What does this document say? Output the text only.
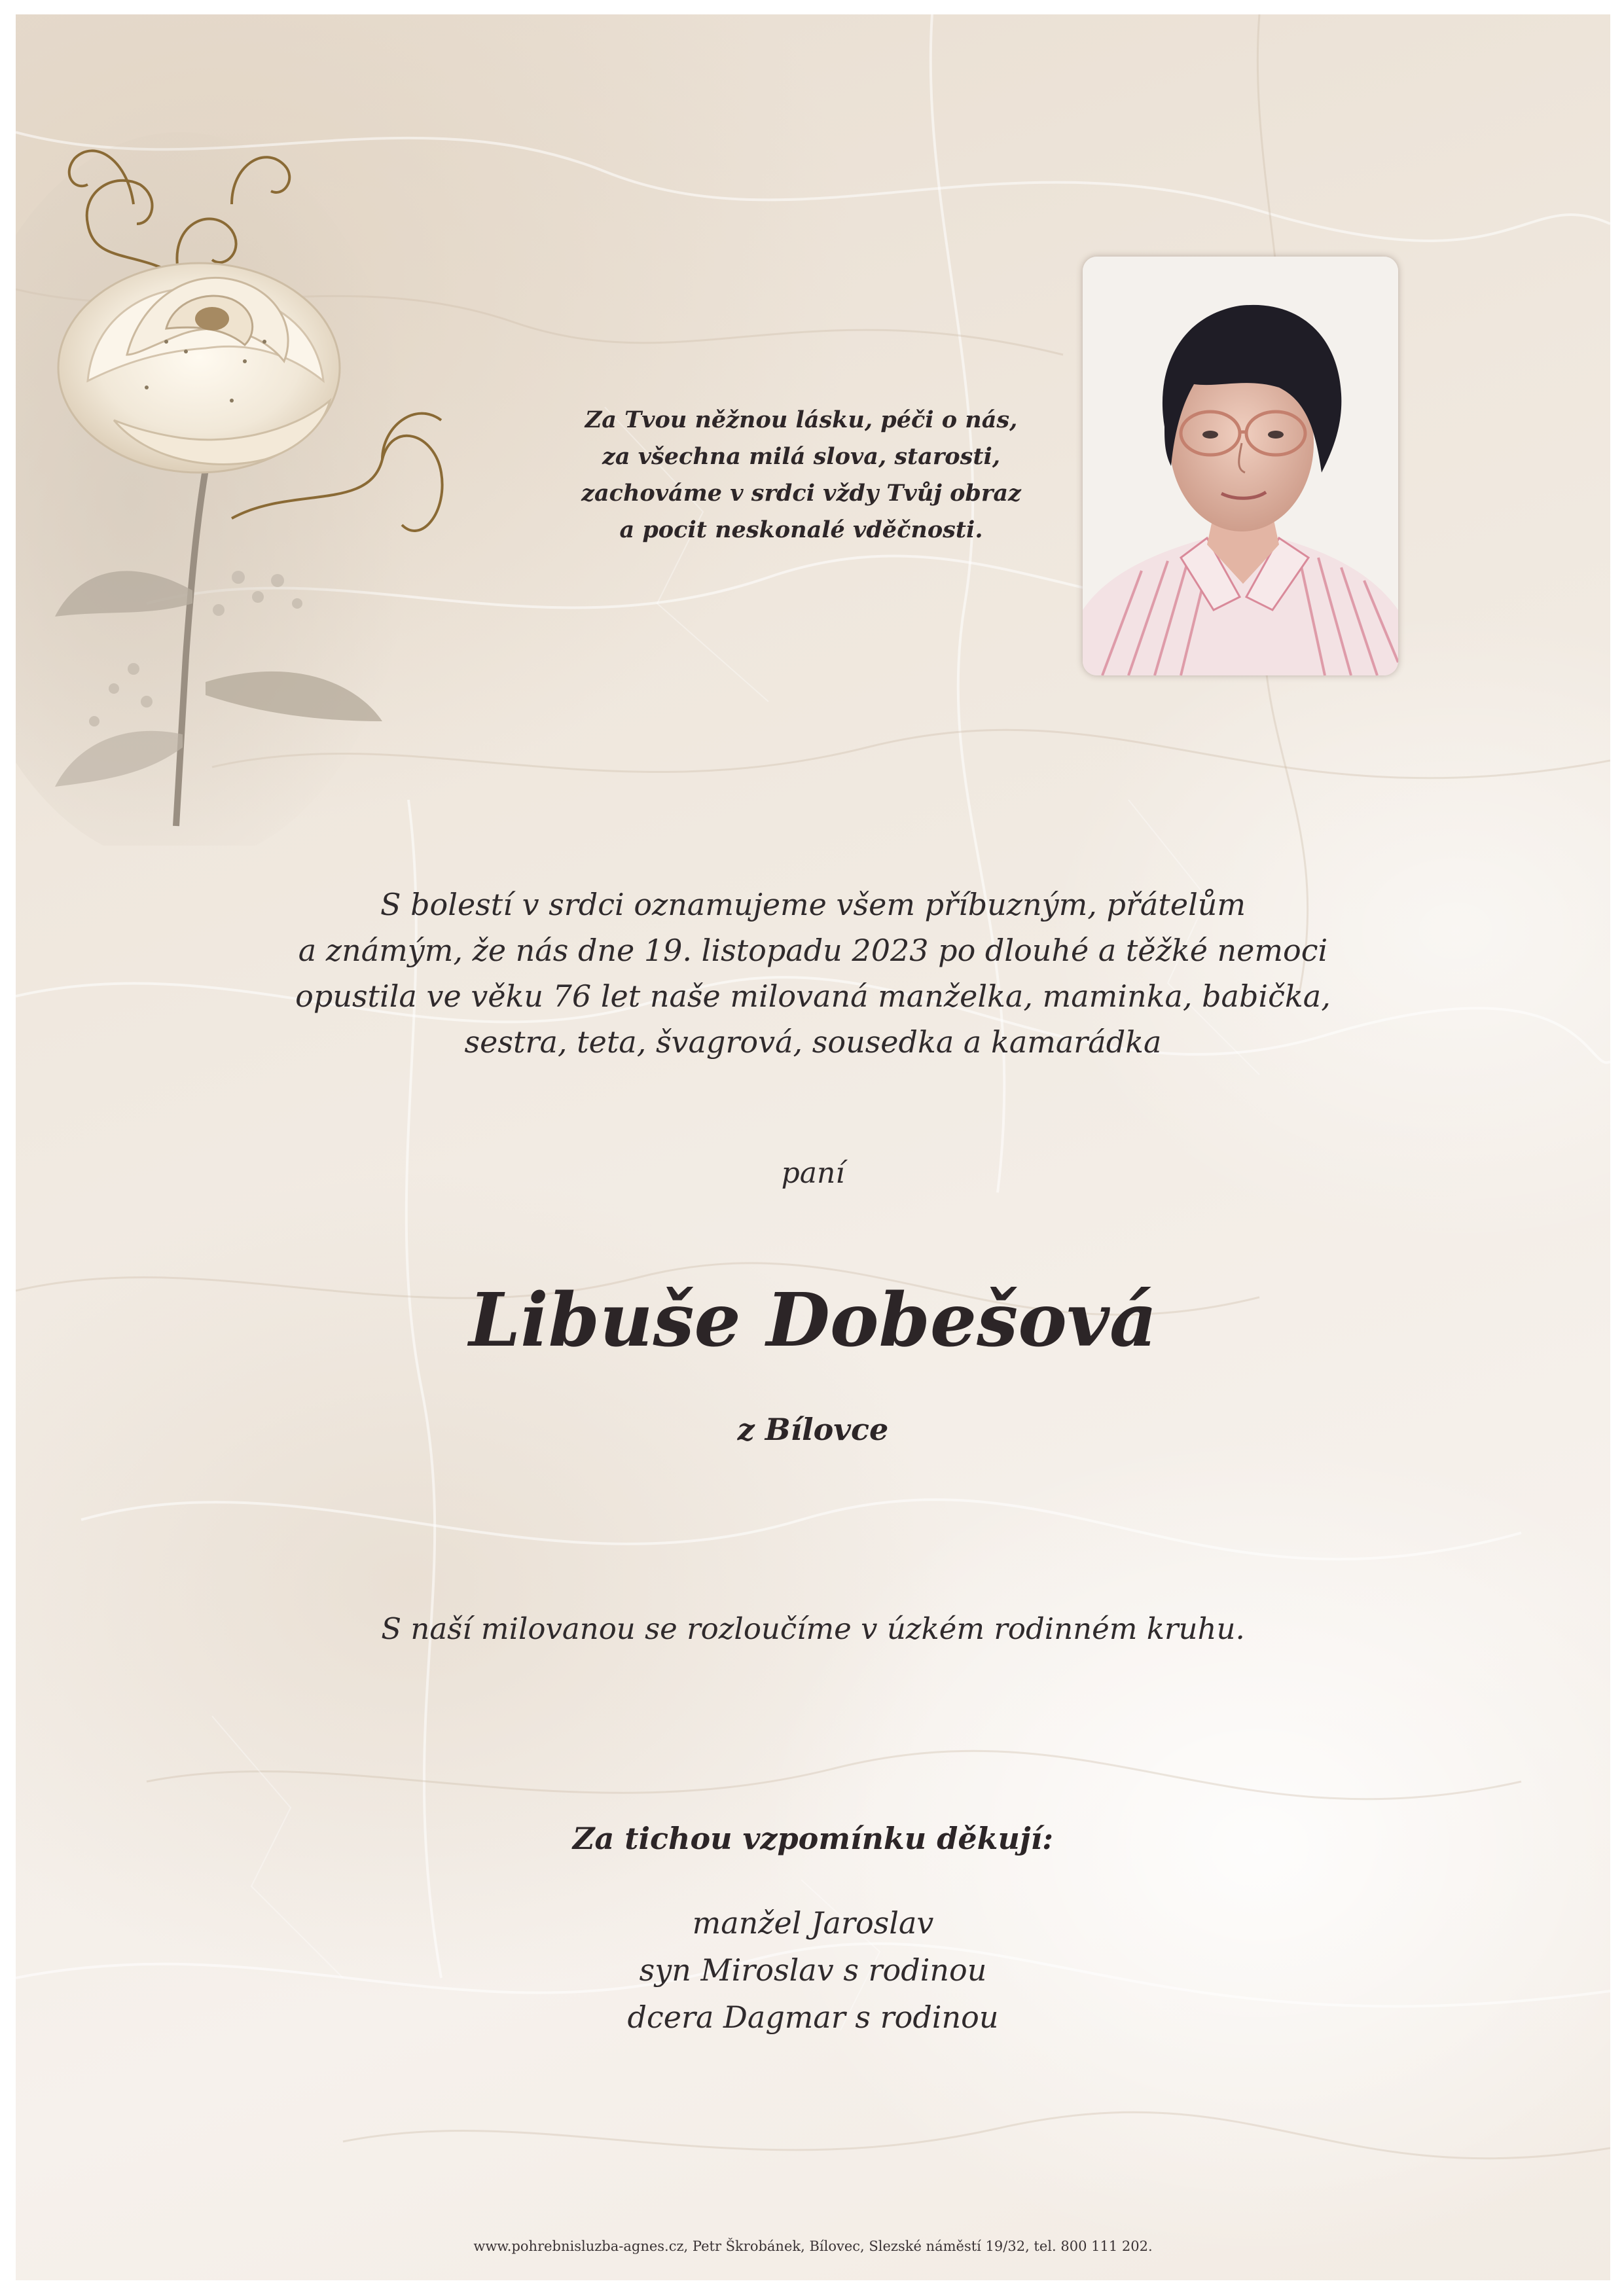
Za Tvou něžnou lásku, péči o nás,
za všechna milá slova, starosti,
zachováme v srdci vždy Tvůj obraz
a pocit neskonalé vděčnosti.
S bolestí v srdci oznamujeme všem příbuzným, přátelům
a známým, že nás dne 19. listopadu 2023 po dlouhé a těžké nemoci
opustila ve věku 76 let naše milovaná manželka, maminka, babička,
sestra, teta, švagrová, sousedka a kamarádka
paní
Libuše Dobešová
z Bílovce
S naší milovanou se rozloučíme v úzkém rodinném kruhu.
Za tichou vzpomínku děkují:
manžel Jaroslav
syn Miroslav s rodinou
dcera Dagmar s rodinou
www.pohrebnisluzba-agnes.cz, Petr Škrobánek, Bílovec, Slezské náměstí 19/32, tel. 800 111 202.
